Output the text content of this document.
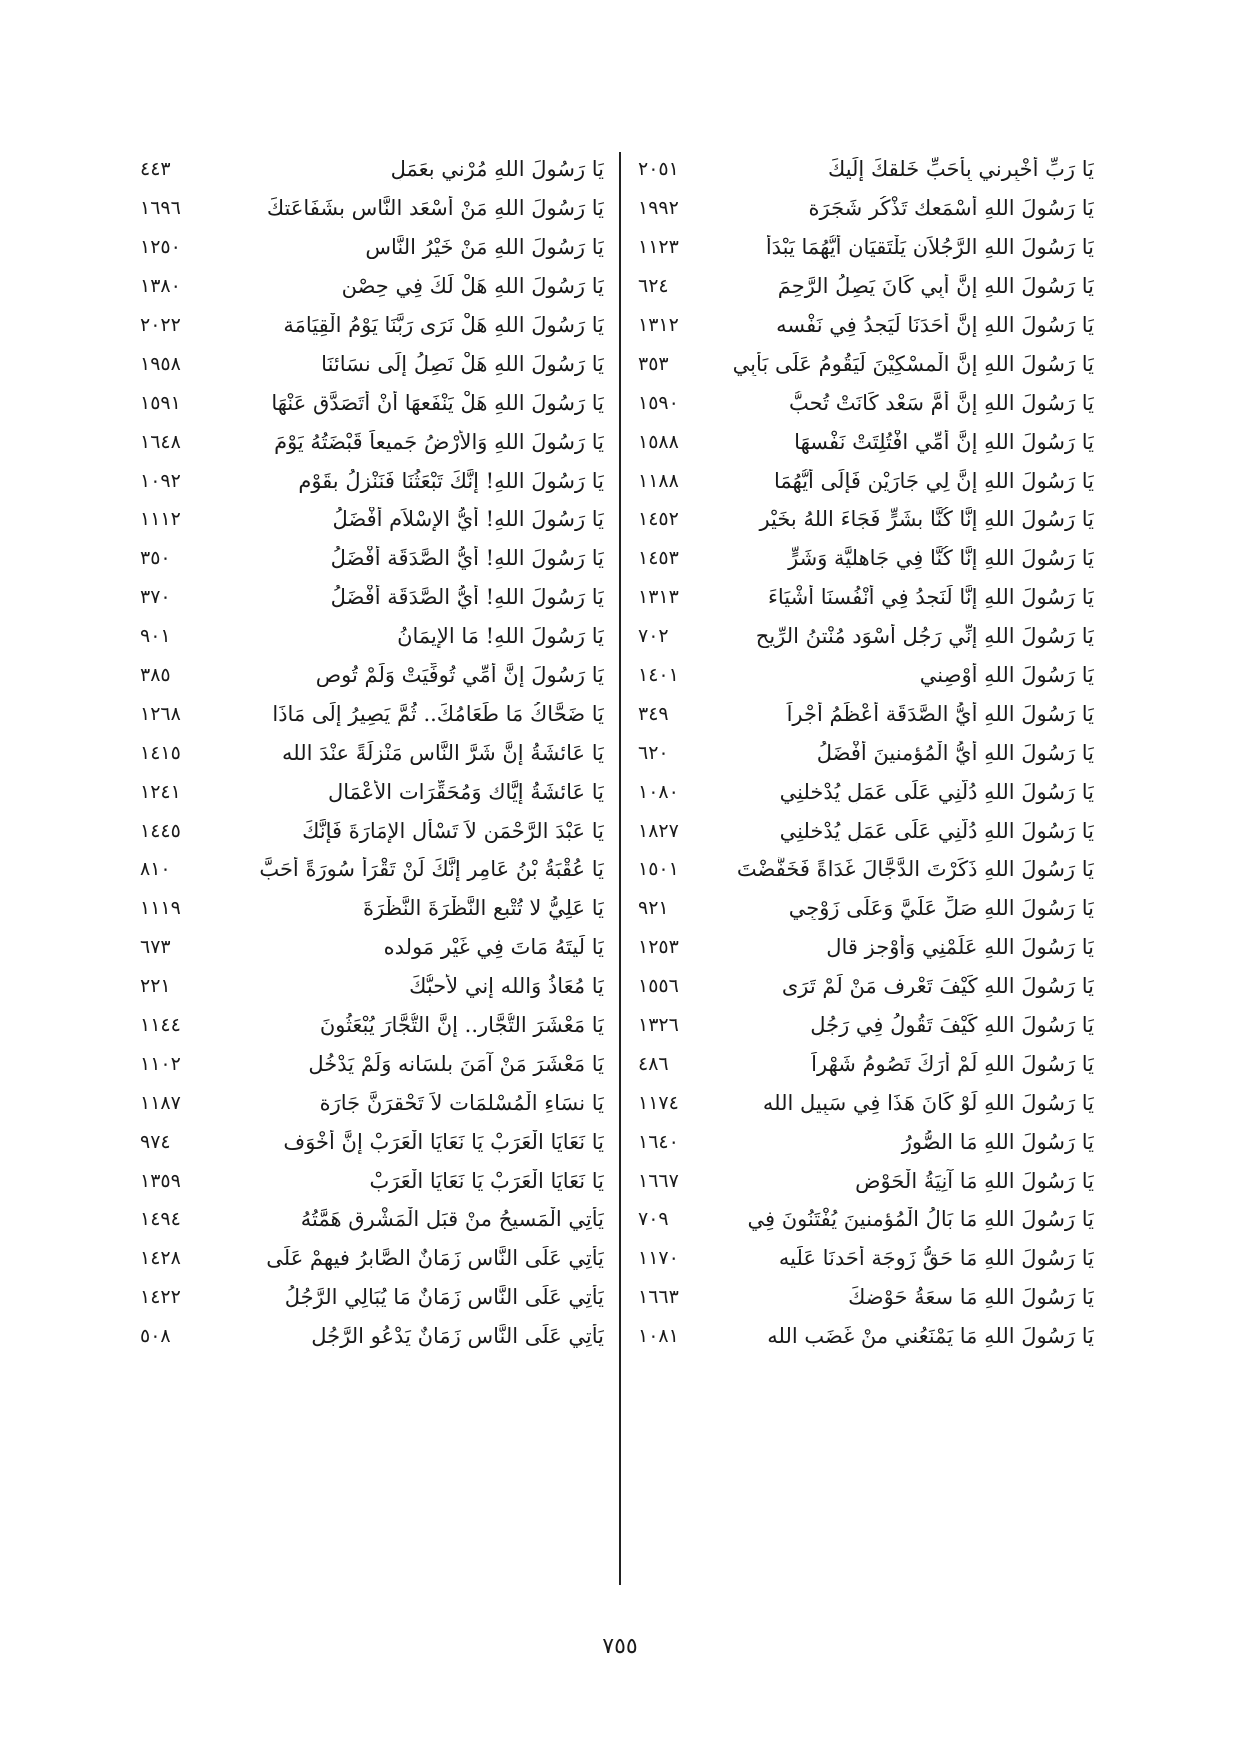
٢٠٥١	يَا رَبِّ أَخْبِرني بِأَحَبِّ خَلقكَ إلَيكَ
١٩٩٢	يَا رَسُولَ اللهِ أَسْمَعك تَذْكُر شَجَرَة
١١٢٣	يَا رَسُولَ اللهِ الرَّجُلاَن يَلْتَقيَان أَيُّهُمَا يَبْدَأُ
٦٢٤	يَا رَسُولَ اللهِ إنَّ أَبِي كَانَ يَصِلُ الرَّحِمَ
١٣١٢	يَا رَسُولَ اللهِ إنَّ أَحَدَنَا لَيَجدُ فِي نَفْسه
٣٥٣	يَا رَسُولَ اللهِ إنَّ الْمسْكِيْنَ لَيَقُومُ عَلَى بَأَبِي
١٥٩٠	يَا رَسُولَ اللهِ إنَّ أُمَّ سَعْد كَانَتْ تُحبُّ
١٥٨٨	يَا رَسُولَ اللهِ إنَّ أُمِّي افْتُلِتَتْ نَفْسهَا
١١٨٨	يَا رَسُولَ اللهِ إنَّ لِي جَارَيْنِ فَإلَى أَيُّهُمَا
١٤٥٢	يَا رَسُولَ اللهِ إنَّا كُنَّا بشَرٍّ فَجَاءَ اللهُ بخَيْر
١٤٥٣	يَا رَسُولَ اللهِ إنَّا كُنَّا فِي جَاهليَّة وَشَرٍّ
١٣١٣	يَا رَسُولَ اللهِ إنَّا لَنَجدُ فِي أَنْفُسنَا أَشْيَاءَ
٧٠٢	يَا رَسُولَ اللهِ إنِّي رَجُل أَسْوَد مُنْتنُ الرِّيح
١٤٠١	يَا رَسُولَ اللهِ أَوْصِني
٣٤٩	يَا رَسُولَ اللهِ أَيُّ الصَّدَقَة أَعْظَمُ أَجْراً
٦٢٠	يَا رَسُولَ اللهِ أَيُّ الْمُؤمنينَ أَفْضَلُ
١٠٨٠	يَا رَسُولَ اللهِ دُلَّنِي عَلَى عَمَلٍ يُدْخلنِي
١٨٢٧	يَا رَسُولَ اللهِ دُلَّنِي عَلَى عَمَلٍ يُدْخلنِي
١٥٠١	يَا رَسُولَ اللهِ ذَكَرْتَ الدَّجَّالَ غَدَاةً فَخَفَّضْتَ
٩٢١	يَا رَسُولَ اللهِ صَلِّ عَلَيَّ وَعَلَى زَوْجِي
١٢٥٣	يَا رَسُولَ اللهِ عَلِّمْنِي وَأَوْجز قال
١٥٥٦	يَا رَسُولَ اللهِ كَيْفَ تَعْرِف مَنْ لَمْ تَرَى
١٣٢٦	يَا رَسُولَ اللهِ كَيْفَ تَقُولُ فِي رَجُلٍ
٤٨٦	يَا رَسُولَ اللهِ لَمْ أَرَكَ تَصُومُ شَهْراً
١١٧٤	يَا رَسُولَ اللهِ لَوْ كَانَ هَذَا فِي سَبِيلِ الله
١٦٤٠	يَا رَسُولَ اللهِ مَا الصُّورُ
١٦٦٧	يَا رَسُولَ اللهِ مَا آنِيَةُ الْحَوْضِ
٧٠٩	يَا رَسُولَ اللهِ مَا بَالُ الْمُؤمنينَ يُفْتَنُونَ فِي
١١٧٠	يَا رَسُولَ اللهِ مَا حَقُّ زَوجَة أَحَدنَا عَلَيه
١٦٦٣	يَا رَسُولَ اللهِ مَا سعَةُ حَوْضكَ
١٠٨١	يَا رَسُولَ اللهِ مَا يَمْنَعُني منْ غَضَب الله
٤٤٣	يَا رَسُولَ اللهِ مُرْني بعَمَلٍ
١٦٩٦	يَا رَسُولَ اللهِ مَنْ أَسْعَد النَّاس بشَفَاعَتكَ
١٢٥٠	يَا رَسُولَ اللهِ مَنْ خَيْرُ النَّاسِ
١٣٨٠	يَا رَسُولَ اللهِ هَلْ لَكَ فِي حِصْنٍ
٢٠٢٢	يَا رَسُولَ اللهِ هَلْ نَرَى رَبَّنَا يَوْمُ الْقِيَامَة
١٩٥٨	يَا رَسُولَ اللهِ هَلْ نَصِلُ إلَى نسَائنَا
١٥٩١	يَا رَسُولَ اللهِ هَلْ يَنْفَعهَا أَنْ أَتَصَدَّق عَنْهَا
١٦٤٨	يَا رَسُولَ اللهِ وَالأَرْضُ جَميعاً قَبْضَتُهُ يَوْمَ
١٠٩٢	يَا رَسُولَ اللهِ! إنَّكَ تَبْعَثُنَا فَنَنْزلُ بقَوْمٍ
١١١٢	يَا رَسُولَ اللهِ! أَيُّ الإسْلاَمِ أَفْضَلُ
٣٥٠	يَا رَسُولَ اللهِ! أَيُّ الصَّدَقَة أَفْضَلُ
٣٧٠	يَا رَسُولَ اللهِ! أَيُّ الصَّدَقَة أَفْضَلُ
٩٠١	يَا رَسُولَ اللهِ! مَا الإيمَانُ
٣٨٥	يَا رَسُولَ إنَّ أُمِّي تُوفِّيَتْ وَلَمْ تُوصِ
١٢٦٨	يَا ضَحَّاكُ مَا طَعَامُكَ.. ثُمَّ يَصِيرُ إلَى مَاذَا
١٤١٥	يَا عَائشَةُ إنَّ شَرَّ النَّاس مَنْزلَةً عنْدَ الله
١٢٤١	يَا عَائشَةُ إيَّاك وَمُحَقِّرَات الأَعْمَال
١٤٤٥	يَا عَبْدَ الرَّحْمَنِ لاَ تَسْأَل الإمَارَةَ فَإنَّكَ
٨١٠	يَا عُقْبَةُ بْنُ عَامِرٍ إنَّكَ لَنْ تَقْرَأَ سُورَةً أَحَبَّ
١١١٩	يَا عَلِيُّ لا تُتْبع النَّظْرَةَ النَّظْرَةَ
٦٧٣	يَا لَيتَهُ مَاتَ فِي غَيْرِ مَولده
٢٢١	يَا مُعَاذُ وَالله إني لأُحبُّكَ
١١٤٤	يَا مَعْشَرَ التُّجَّار.. إنَّ التُّجَّارَ يُبْعَثُونَ
١١٠٢	يَا مَعْشَرَ مَنْ آمَنَ بلسَانه وَلَمْ يَدْخُلِ
١١٨٧	يَا نسَاءِ الْمُسْلمَات لاَ تَحْقرَنَّ جَارَة
٩٧٤	يَا نَعَايَا الْعَرَبْ يَا نَعَايَا الْعَرَبْ إنَّ أَخْوَف
١٣٥٩	يَا نَعَايَا الْعَرَبْ يَا نَعَايَا الْعَرَبْ
١٤٩٤	يَأْتِي الْمَسيحُ منْ قبَلِ الْمَشْرِق هَمَّتُهُ
١٤٢٨	يَأْتِي عَلَى النَّاسِ زَمَانٌ الصَّابرُ فيهمْ عَلَى
١٤٢٢	يَأْتِي عَلَى النَّاسِ زَمَانٌ مَا يُبَالِي الرَّجُلُ
٥٠٨	يَأْتِي عَلَى النَّاسِ زَمَانٌ يَدْعُو الرَّجُل
٧٥٥
